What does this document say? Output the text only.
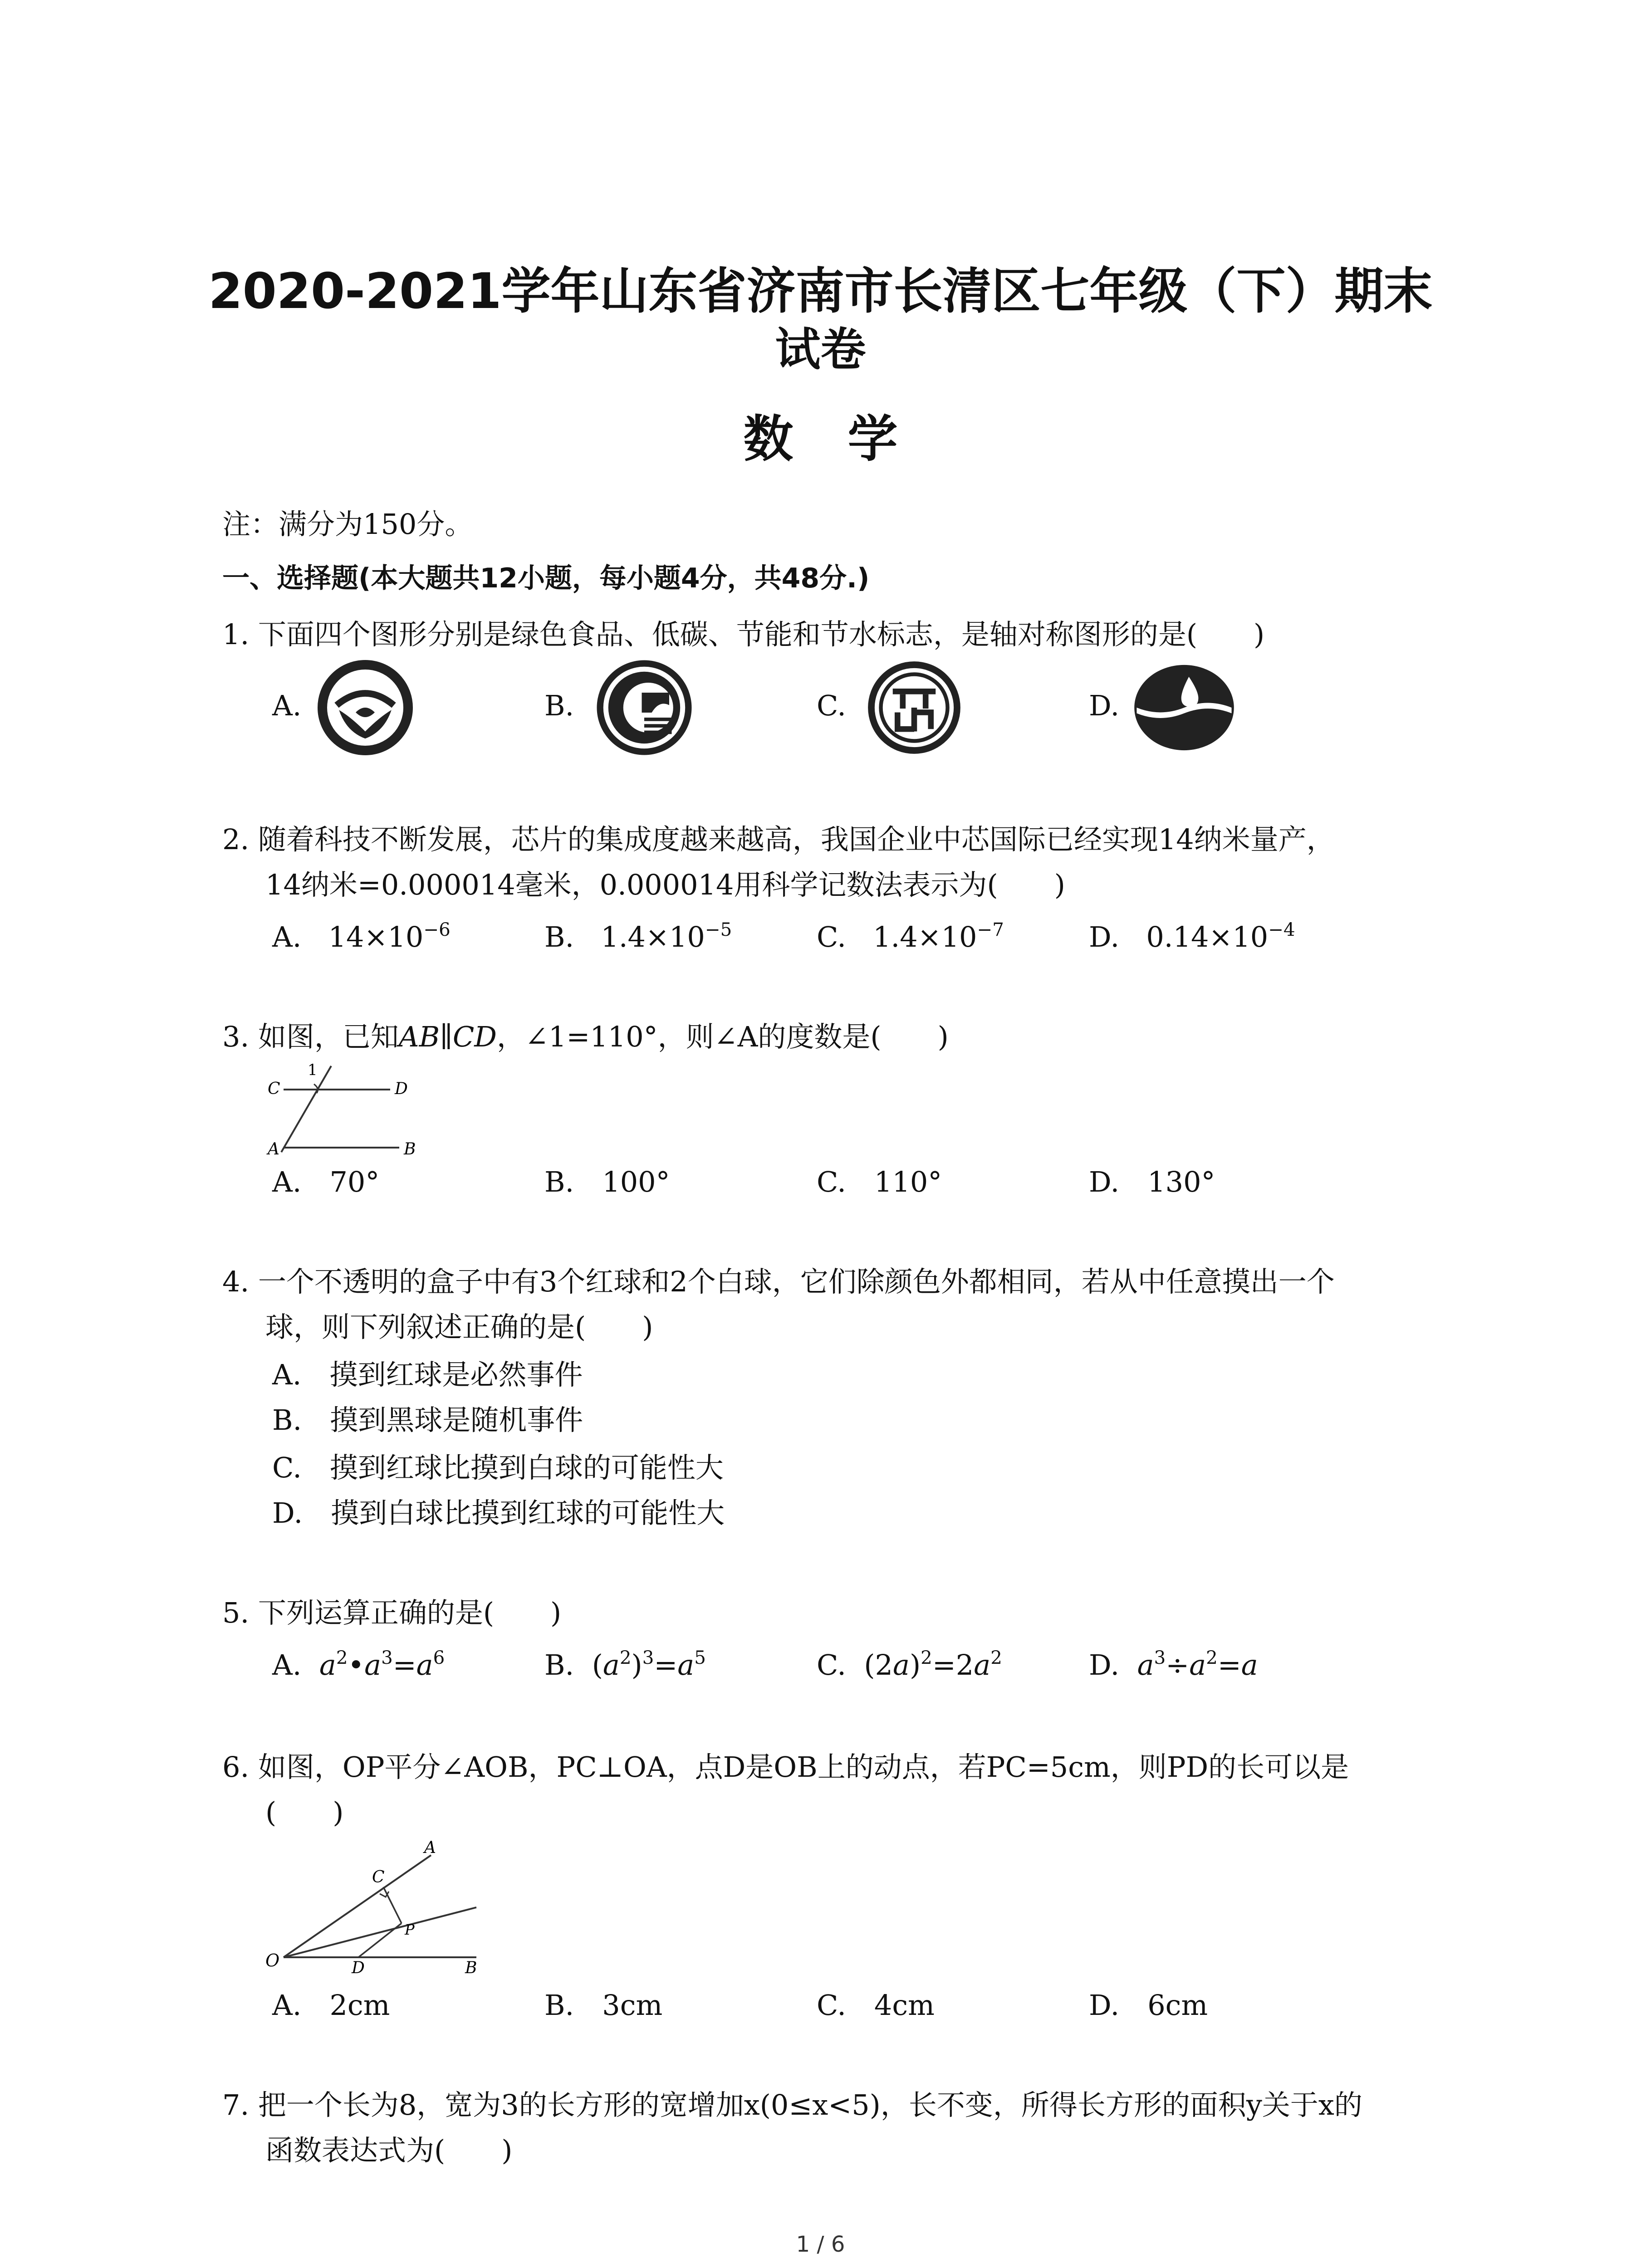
2020-2021学年山东省济南市长清区七年级（下）期末
试卷
数学
注：满分为150分。
一、选择题(本大题共12小题，每小题4分，共48分.)
1. 下面四个图形分别是绿色食品、低碳、节能和节水标志，是轴对称图形的是(　　)
A.	B.	C.	D.
2. 随着科技不断发展，芯片的集成度越来越高，我国企业中芯国际已经实现14纳米量产，
14纳米=0.000014毫米，0.000014用科学记数法表示为(　　)
A. $14\times 10^{-6}$	B. $1.4\times 10^{-5}$	C. $1.4\times 10^{-7}$	D. $0.14\times 10^{-4}$
3. 如图，已知AB∥CD，∠1=110°，则∠A的度数是(　　)
C	D
A	B
1
A.　70°	B.　100°	C.　110°	D.　130°
4. 一个不透明的盒子中有3个红球和2个白球，它们除颜色外都相同，若从中任意摸出一个
球，则下列叙述正确的是(　　)
A.　摸到红球是必然事件
B.　摸到黑球是随机事件
C.　摸到红球比摸到白球的可能性大
D.　摸到白球比摸到红球的可能性大
5. 下列运算正确的是(　　)
A. $a^2•a^3=a^6$	B.  $(a^2)^3=a^5$	C.  $(2a)^2=2a^2$	D. $a^3\div a^2=a$
6. 如图，OP平分∠AOB，PC⊥OA，点D是OB上的动点，若PC=5cm，则PD的长可以是
(　　)
A
C
P
O	D	B
A.　2cm	B.　3cm	C.　4cm	D.　6cm
7. 把一个长为8，宽为3的长方形的宽增加x(0≤x<5)，长不变，所得长方形的面积y关于x的
函数表达式为(　　)
1 / 6
